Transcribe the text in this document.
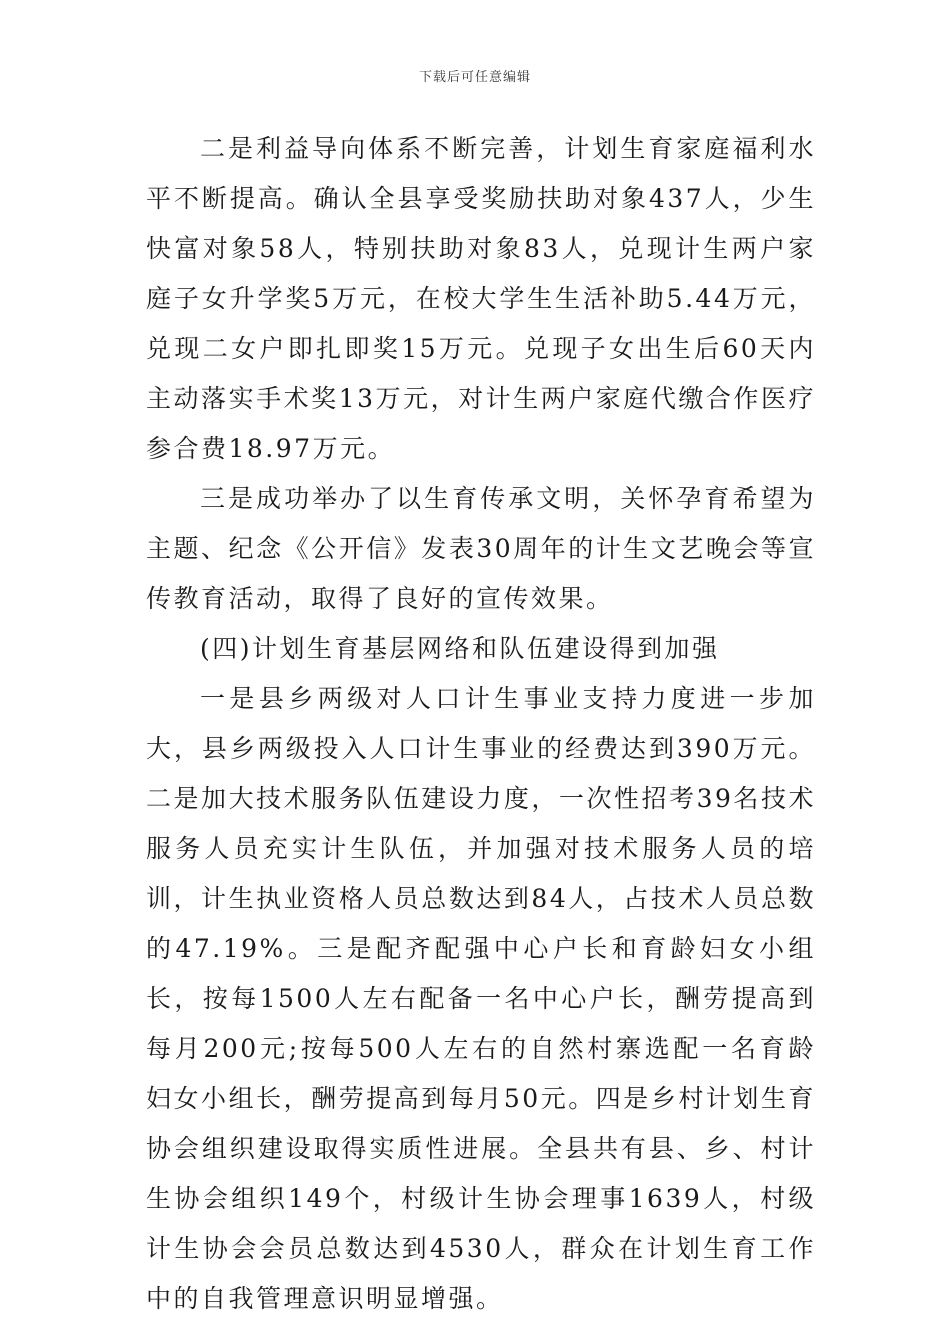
下载后可任意编辑

二是利益导向体系不断完善，计划生育家庭福利水平不断提高。确认全县享受奖励扶助对象437人，少生快富对象58人，特别扶助对象83人，兑现计生两户家庭子女升学奖5万元，在校大学生生活补助5.44万元，兑现二女户即扎即奖15万元。兑现子女出生后60天内主动落实手术奖13万元，对计生两户家庭代缴合作医疗参合费18.97万元。

三是成功举办了以生育传承文明，关怀孕育希望为主题、纪念《公开信》发表30周年的计生文艺晚会等宣传教育活动，取得了良好的宣传效果。

(四)计划生育基层网络和队伍建设得到加强

一是县乡两级对人口计生事业支持力度进一步加大，县乡两级投入人口计生事业的经费达到390万元。二是加大技术服务队伍建设力度，一次性招考39名技术服务人员充实计生队伍，并加强对技术服务人员的培训，计生执业资格人员总数达到84人，占技术人员总数的47.19%。三是配齐配强中心户长和育龄妇女小组长，按每1500人左右配备一名中心户长，酬劳提高到每月200元;按每500人左右的自然村寨选配一名育龄妇女小组长，酬劳提高到每月50元。四是乡村计划生育协会组织建设取得实质性进展。全县共有县、乡、村计生协会组织149个，村级计生协会理事1639人，村级计生协会会员总数达到4530人，群众在计划生育工作中的自我管理意识明显增强。
